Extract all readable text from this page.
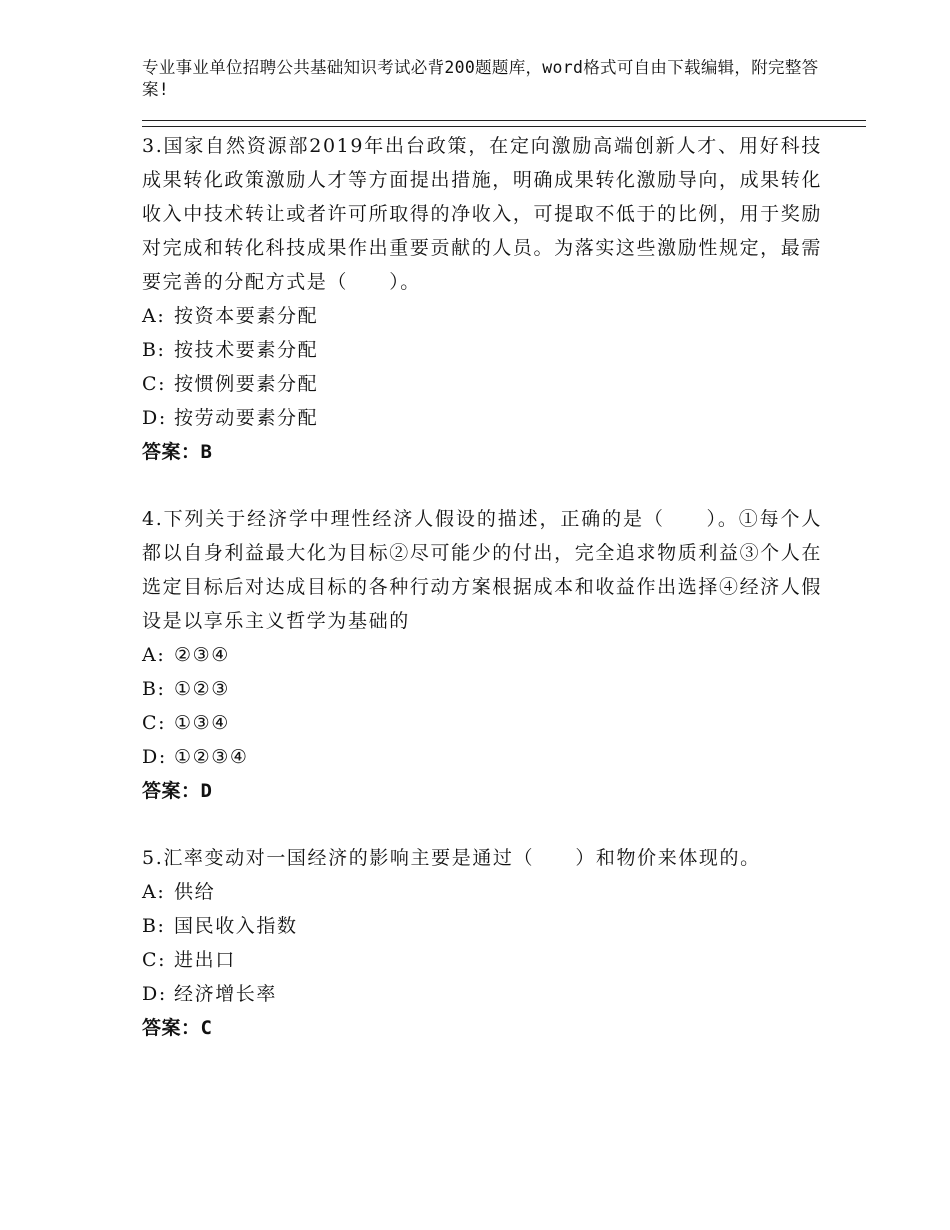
专业事业单位招聘公共基础知识考试必背200题题库，word格式可自由下载编辑，附完整答案!
3.国家自然资源部2019年出台政策，在定向激励高端创新人才、用好科技成果转化政策激励人才等方面提出措施，明确成果转化激励导向，成果转化收入中技术转让或者许可所取得的净收入，可提取不低于的比例，用于奖励对完成和转化科技成果作出重要贡献的人员。为落实这些激励性规定，最需要完善的分配方式是（　　）。
A: 按资本要素分配
B: 按技术要素分配
C: 按惯例要素分配
D: 按劳动要素分配
答案：B
4.下列关于经济学中理性经济人假设的描述，正确的是（　　）。①每个人都以自身利益最大化为目标②尽可能少的付出，完全追求物质利益③个人在选定目标后对达成目标的各种行动方案根据成本和收益作出选择④经济人假设是以享乐主义哲学为基础的
A: ②③④
B: ①②③
C: ①③④
D: ①②③④
答案：D
5.汇率变动对一国经济的影响主要是通过（　　）和物价来体现的。
A: 供给
B: 国民收入指数
C: 进出口
D: 经济增长率
答案：C
